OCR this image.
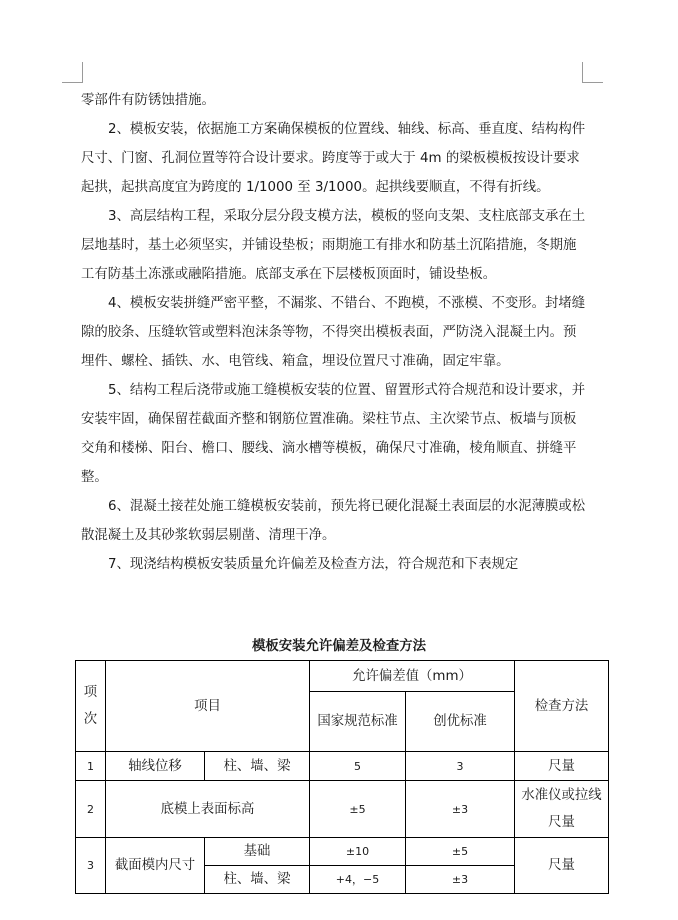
零部件有防锈蚀措施。

2、模板安装，依据施工方案确保模板的位置线、轴线、标高、垂直度、结构构件尺寸、门窗、孔洞位置等符合设计要求。跨度等于或大于 4m 的梁板模板按设计要求起拱，起拱高度宜为跨度的 1/1000 至 3/1000。起拱线要顺直，不得有折线。

3、高层结构工程，采取分层分段支模方法，模板的竖向支架、支柱底部支承在土层地基时，基土必须坚实，并铺设垫板；雨期施工有排水和防基土沉陷措施，冬期施工有防基土冻涨或融陷措施。底部支承在下层楼板顶面时，铺设垫板。

4、模板安装拼缝严密平整，不漏浆、不错台、不跑模，不涨模、不变形。封堵缝隙的胶条、压缝软管或塑料泡沫条等物，不得突出模板表面，严防浇入混凝土内。预埋件、螺栓、插铁、水、电管线、箱盒，埋设位置尺寸准确，固定牢靠。

5、结构工程后浇带或施工缝模板安装的位置、留置形式符合规范和设计要求，并安装牢固，确保留茬截面齐整和钢筋位置准确。梁柱节点、主次梁节点、板墙与顶板交角和楼梯、阳台、檐口、腰线、滴水槽等模板，确保尺寸准确，棱角顺直、拼缝平整。

6、混凝土接茬处施工缝模板安装前，预先将已硬化混凝土表面层的水泥薄膜或松散混凝土及其砂浆软弱层剔凿、清理干净。

7、现浇结构模板安装质量允许偏差及检查方法，符合规范和下表规定

模板安装允许偏差及检查方法
项次	项目		允许偏差值（mm）		检查方法
			国家规范标准	创优标准	
1	轴线位移	柱、墙、梁	5	3	尺量
2	底模上表面标高		±5	±3	水准仪或拉线尺量
3	截面模内尺寸	基础	±10	±5	尺量
		柱、墙、梁	+4，−5	±3	
